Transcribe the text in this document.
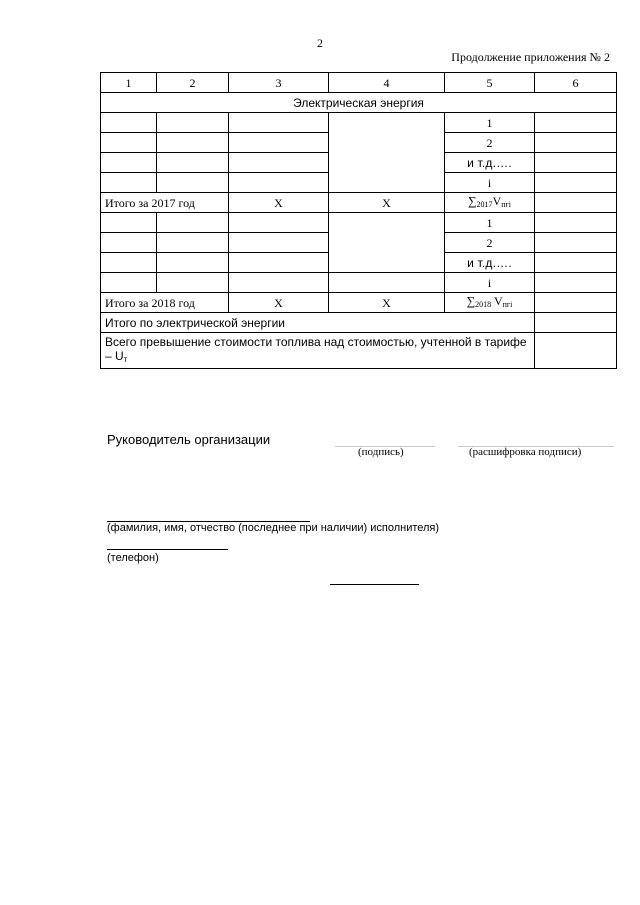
2
Продолжение приложения № 2
1	2	3	4	5	6
Электрическая энергия					
				1	
				2	
				и т.д.….	
				i	
Итого за 2017 год		Х	Х	$\sum_{2017}V_{пгi}$	
				1	
				2	
				и т.д.….	
				i	
Итого за 2018 год		Х	Х	$\sum_{2018}$ $V_{пгi}$	
Итого по электрической энергии					
Всего превышение стоимости топлива над стоимостью, учтенной в тарифе – $U_т$	
Руководитель организации
(подпись)	(расшифровка подписи)
(фамилия, имя, отчество (последнее при наличии) исполнителя)
(телефон)
